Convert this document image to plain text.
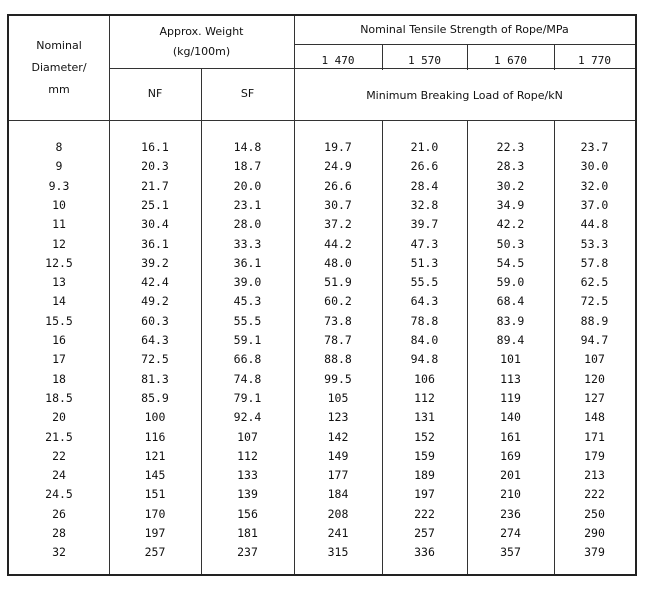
Nominal
Diameter/
mm
Approx. Weight
(kg/100m)
Nominal Tensile Strength of Rope/MPa
1 470	1 570	1 670	1 770
NF	SF	Minimum Breaking Load of Rope/kN
8	16.1	14.8	19.7	21.0	22.3	23.7
9	20.3	18.7	24.9	26.6	28.3	30.0
9.3	21.7	20.0	26.6	28.4	30.2	32.0
10	25.1	23.1	30.7	32.8	34.9	37.0
11	30.4	28.0	37.2	39.7	42.2	44.8
12	36.1	33.3	44.2	47.3	50.3	53.3
12.5	39.2	36.1	48.0	51.3	54.5	57.8
13	42.4	39.0	51.9	55.5	59.0	62.5
14	49.2	45.3	60.2	64.3	68.4	72.5
15.5	60.3	55.5	73.8	78.8	83.9	88.9
16	64.3	59.1	78.7	84.0	89.4	94.7
17	72.5	66.8	88.8	94.8	101	107
18	81.3	74.8	99.5	106	113	120
18.5	85.9	79.1	105	112	119	127
20	100	92.4	123	131	140	148
21.5	116	107	142	152	161	171
22	121	112	149	159	169	179
24	145	133	177	189	201	213
24.5	151	139	184	197	210	222
26	170	156	208	222	236	250
28	197	181	241	257	274	290
32	257	237	315	336	357	379
